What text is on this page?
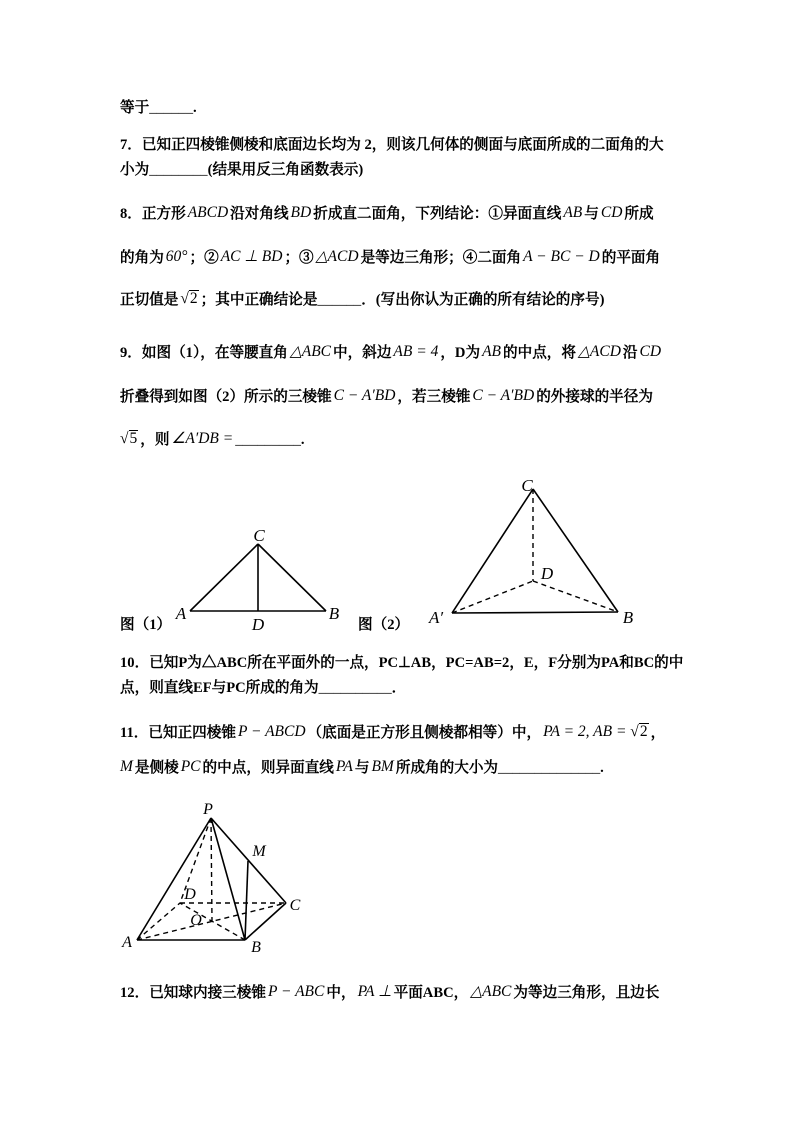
等于______.
7．已知正四棱锥侧棱和底面边长均为 2，则该几何体的侧面与底面所成的二面角的大
小为________(结果用反三角函数表示)
8．正方形 ABCD 沿对角线 BD 折成直二面角，下列结论：①异面直线 AB 与 CD 所成
的角为 60° ；② AC ⊥ BD ；③ △ACD 是等边三角形；④二面角 A − BC − D 的平面角
正切值是 √2 ；其中正确结论是______．(写出你认为正确的所有结论的序号)
9．如图（1），在等腰直角 △ABC 中，斜边 AB = 4 ，D为 AB 的中点，将 △ACD 沿 CD
折叠得到如图（2）所示的三棱锥 C − A′BD ，若三棱锥 C − A′BD 的外接球的半径为
√5 ，则 ∠A′DB = _________.
图（1）	图（2）
10．已知P为△ABC所在平面外的一点，PC⊥AB，PC=AB=2，E，F分别为PA和BC的中
点，则直线EF与PC所成的角为__________．
11．已知正四棱锥 P − ABCD （底面是正方形且侧棱都相等）中， PA = 2, AB = √2 ，
M 是侧棱 PC 的中点，则异面直线 PA 与 BM 所成角的大小为______________.
12．已知球内接三棱锥 P − ABC 中， PA ⊥ 平面ABC， △ABC 为等边三角形，且边长
C
A
D
B
C
D
A′	B
P
M
D
C
O
A	B
